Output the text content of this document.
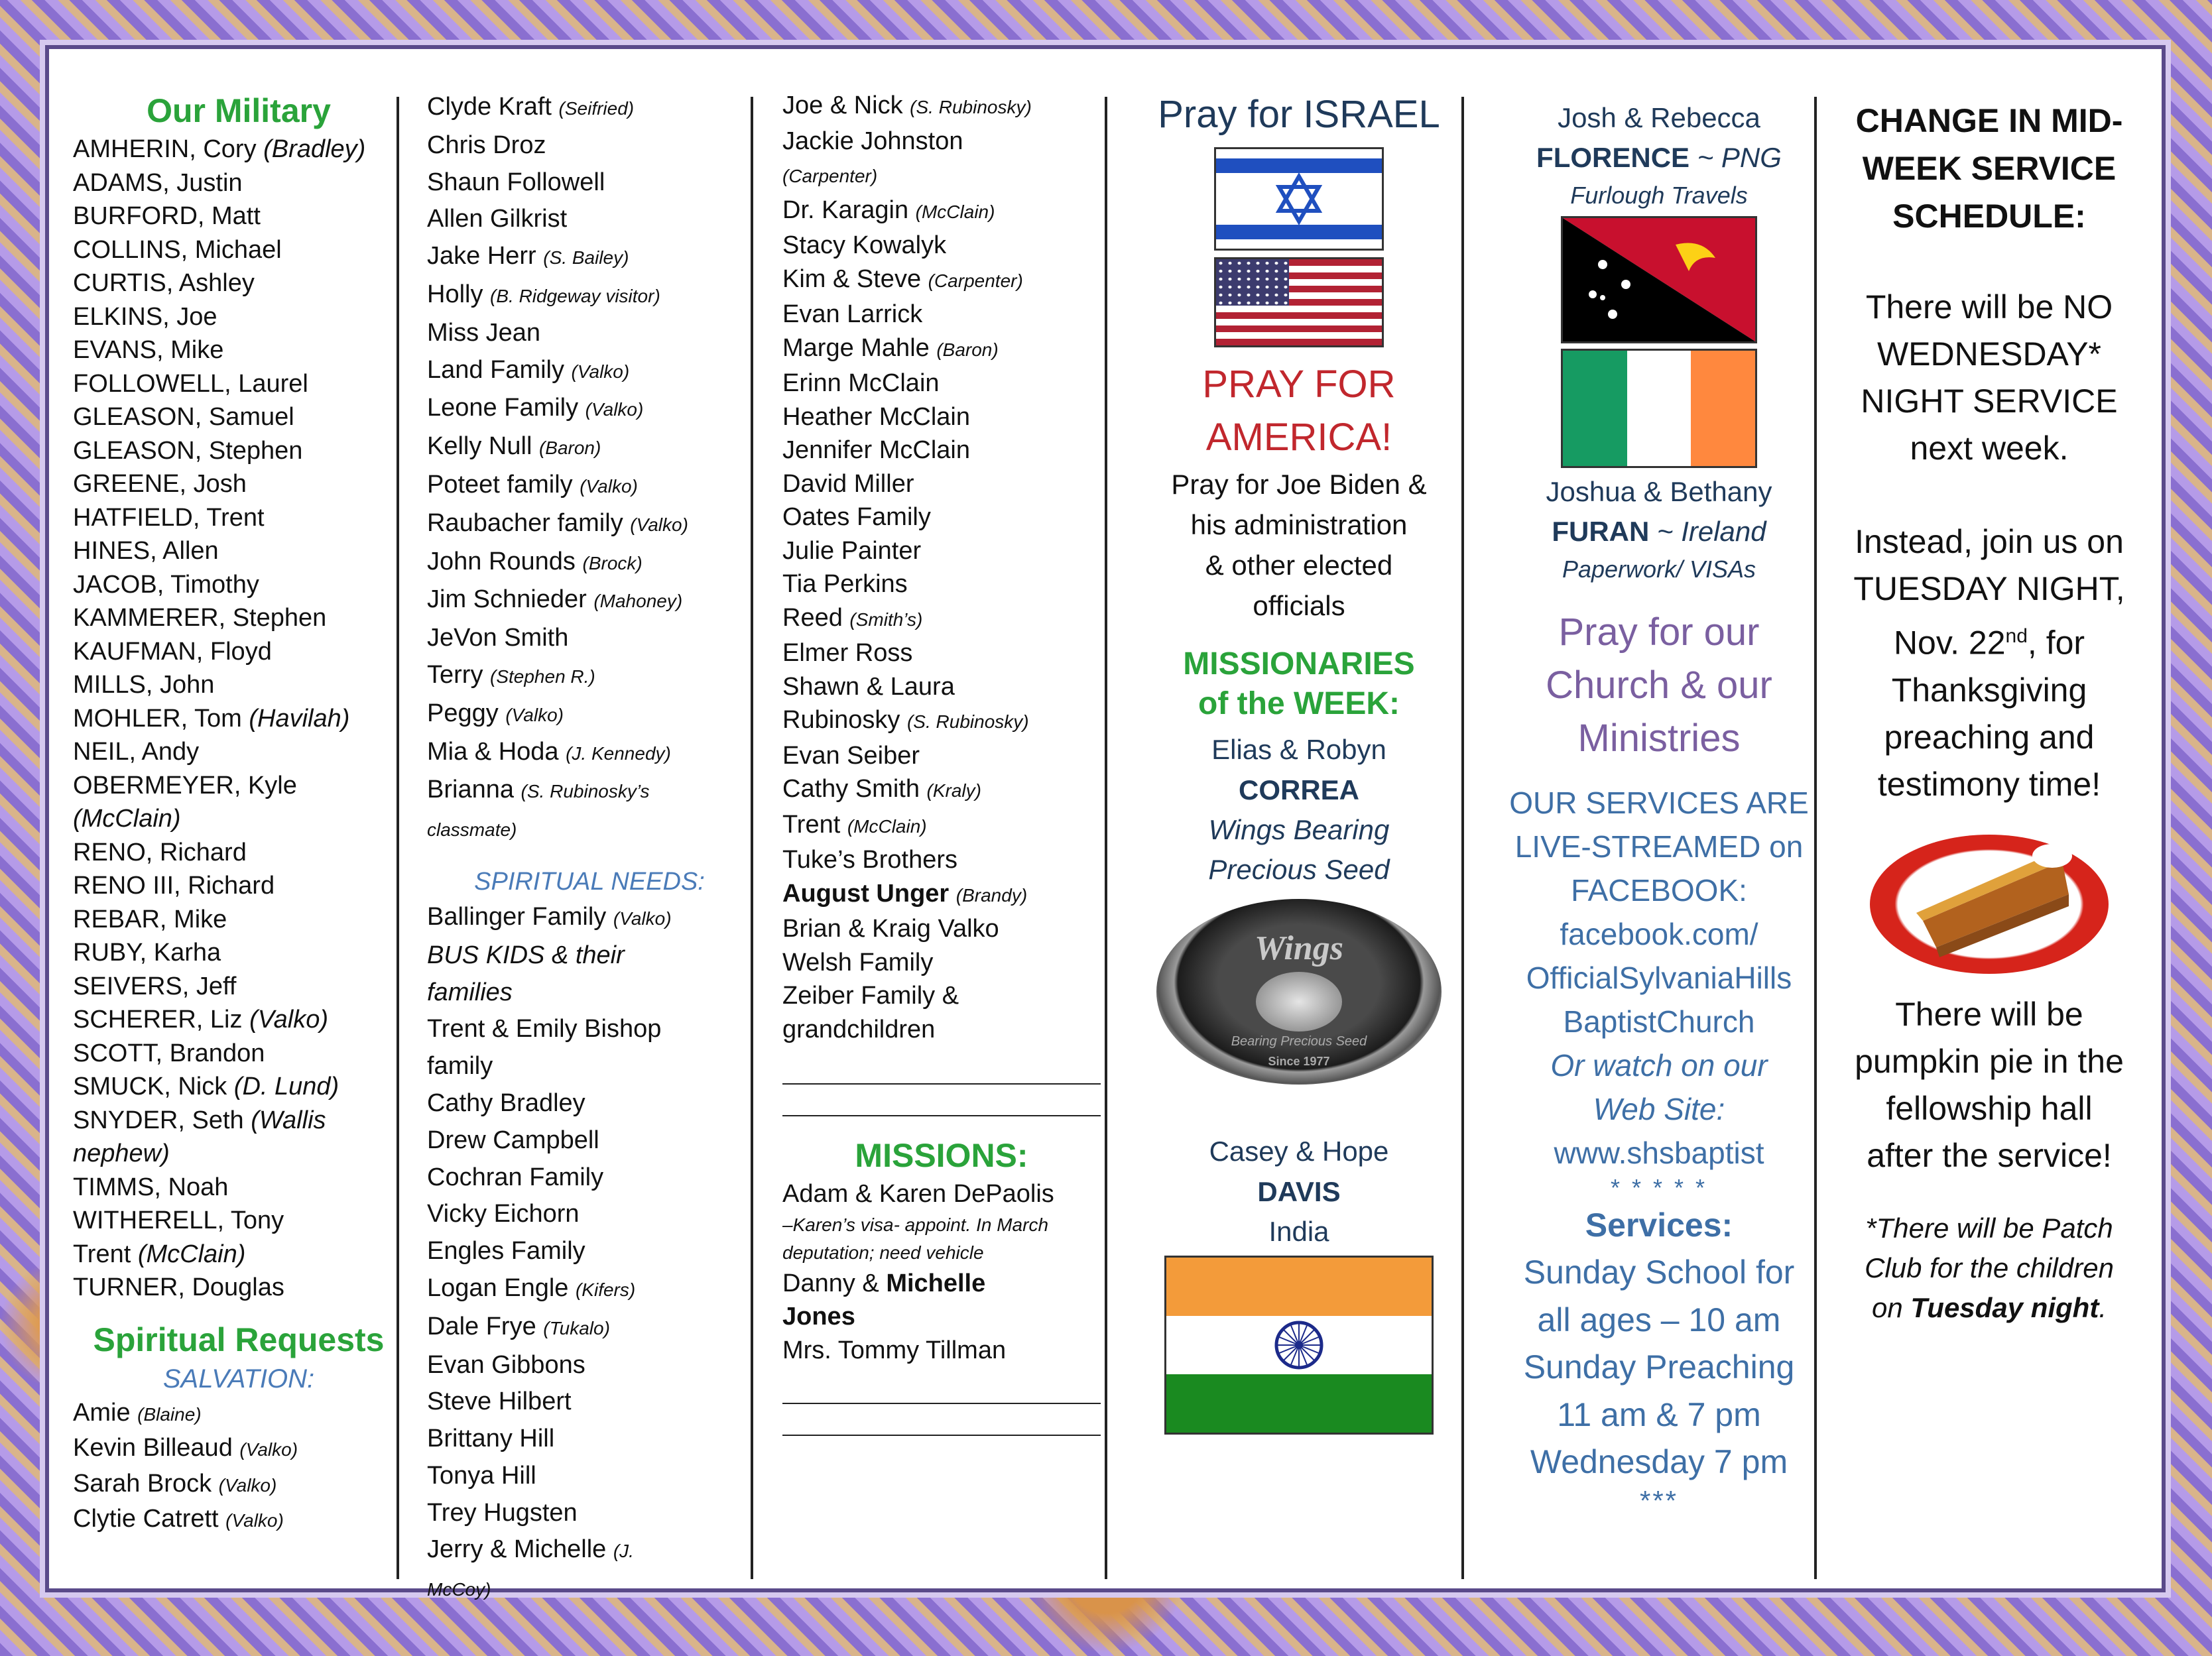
Our Military
AMHERIN, Cory (Bradley)
ADAMS, Justin
BURFORD, Matt
COLLINS, Michael
CURTIS, Ashley
ELKINS, Joe
EVANS, Mike
FOLLOWELL, Laurel
GLEASON, Samuel
GLEASON, Stephen
GREENE, Josh
HATFIELD, Trent
HINES, Allen
JACOB, Timothy
KAMMERER, Stephen
KAUFMAN, Floyd
MILLS, John
MOHLER, Tom (Havilah)
NEIL, Andy
OBERMEYER, Kyle
(McClain)
RENO, Richard
RENO III, Richard
REBAR, Mike
RUBY, Karha
SEIVERS, Jeff
SCHERER, Liz (Valko)
SCOTT, Brandon
SMUCK, Nick (D. Lund)
SNYDER, Seth (Wallis
nephew)
TIMMS, Noah
WITHERELL, Tony
Trent (McClain)
TURNER, Douglas
Spiritual Requests
SALVATION:
Amie (Blaine)
Kevin Billeaud (Valko)
Sarah Brock (Valko)
Clytie Catrett (Valko)
Clyde Kraft (Seifried)
Chris Droz
Shaun Followell
Allen Gilkrist
Jake Herr (S. Bailey)
Holly (B. Ridgeway visitor)
Miss Jean
Land Family (Valko)
Leone Family (Valko)
Kelly Null (Baron)
Poteet family (Valko)
Raubacher family (Valko)
John Rounds (Brock)
Jim Schnieder (Mahoney)
JeVon Smith
Terry (Stephen R.)
Peggy (Valko)
Mia & Hoda (J. Kennedy)
Brianna (S. Rubinosky’s
classmate)
SPIRITUAL NEEDS:
Ballinger Family (Valko)
BUS KIDS & their
families
Trent & Emily Bishop
family
Cathy Bradley
Drew Campbell
Cochran Family
Vicky Eichorn
Engles Family
Logan Engle (Kifers)
Dale Frye (Tukalo)
Evan Gibbons
Steve Hilbert
Brittany Hill
Tonya Hill
Trey Hugsten
Jerry & Michelle (J.
McCoy)
Joe & Nick (S. Rubinosky)
Jackie Johnston
(Carpenter)
Dr. Karagin (McClain)
Stacy Kowalyk
Kim & Steve (Carpenter)
Evan Larrick
Marge Mahle (Baron)
Erinn McClain
Heather McClain
Jennifer McClain
David Miller
Oates Family
Julie Painter
Tia Perkins
Reed (Smith’s)
Elmer Ross
Shawn & Laura
Rubinosky (S. Rubinosky)
Evan Seiber
Cathy Smith (Kraly)
Trent (McClain)
Tuke’s Brothers
August Unger (Brandy)
Brian & Kraig Valko
Welsh Family
Zeiber Family &
grandchildren
MISSIONS:
Adam & Karen DePaolis
–Karen’s visa- appoint. In March
deputation; need vehicle
Danny & Michelle
Jones
Mrs. Tommy Tillman
Pray for ISRAEL
PRAY FOR
AMERICA!
Pray for Joe Biden &
his administration
& other elected
officials
MISSIONARIES
of the WEEK:
Elias & Robyn
CORREA
Wings Bearing
Precious Seed
Wings
Bearing Precious Seed
Since 1977
Casey & Hope
DAVIS
India
Josh & Rebecca
FLORENCE ~ PNG
Furlough Travels
Joshua & Bethany
FURAN ~ Ireland
Paperwork/ VISAs
Pray for our
Church & our
Ministries
OUR SERVICES ARE
LIVE-STREAMED on
FACEBOOK:
facebook.com/
OfficialSylvaniaHills
BaptistChurch
Or watch on our
Web Site:
www.shsbaptist
* * * * *
Services:
Sunday School for
all ages – 10 am
Sunday Preaching
11 am & 7 pm
Wednesday 7 pm
***
CHANGE IN MID-
WEEK SERVICE
SCHEDULE:
There will be NO
WEDNESDAY*
NIGHT SERVICE
next week.
Instead, join us on
TUESDAY NIGHT,
Nov. 22nd, for
Thanksgiving
preaching and
testimony time!
There will be
pumpkin pie in the
fellowship hall
after the service!
*There will be Patch
Club for the children
on Tuesday night.
